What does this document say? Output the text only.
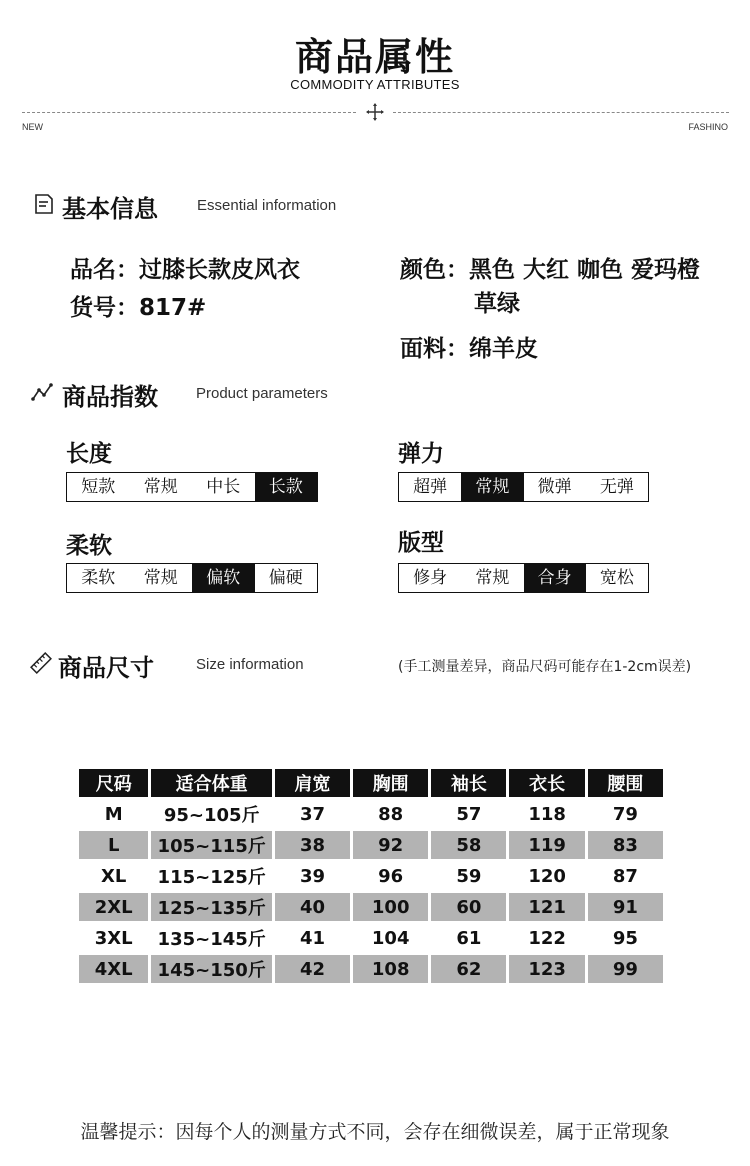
商品属性
COMMODITY ATTRIBUTES
NEW	FASHINO
基本信息	Essential information
品名：过膝长款皮风衣
货号：817#
颜色：黑色 大红 咖色 爱玛橙
草绿
面料：绵羊皮
商品指数	Product parameters
长度
短款	常规	中长	长款
弹力
超弹	常规	微弹	无弹
柔软
柔软	常规	偏软	偏硬
版型
修身	常规	合身	宽松
商品尺寸	Size information	(手工测量差异，商品尺码可能存在1-2cm误差)
尺码	适合体重	肩宽	胸围	袖长	衣长	腰围
M	95~105斤	37	88	57	118	79
L	105~115斤	38	92	58	119	83
XL	115~125斤	39	96	59	120	87
2XL	125~135斤	40	100	60	121	91
3XL	135~145斤	41	104	61	122	95
4XL	145~150斤	42	108	62	123	99
温馨提示：因每个人的测量方式不同，会存在细微误差，属于正常现象
